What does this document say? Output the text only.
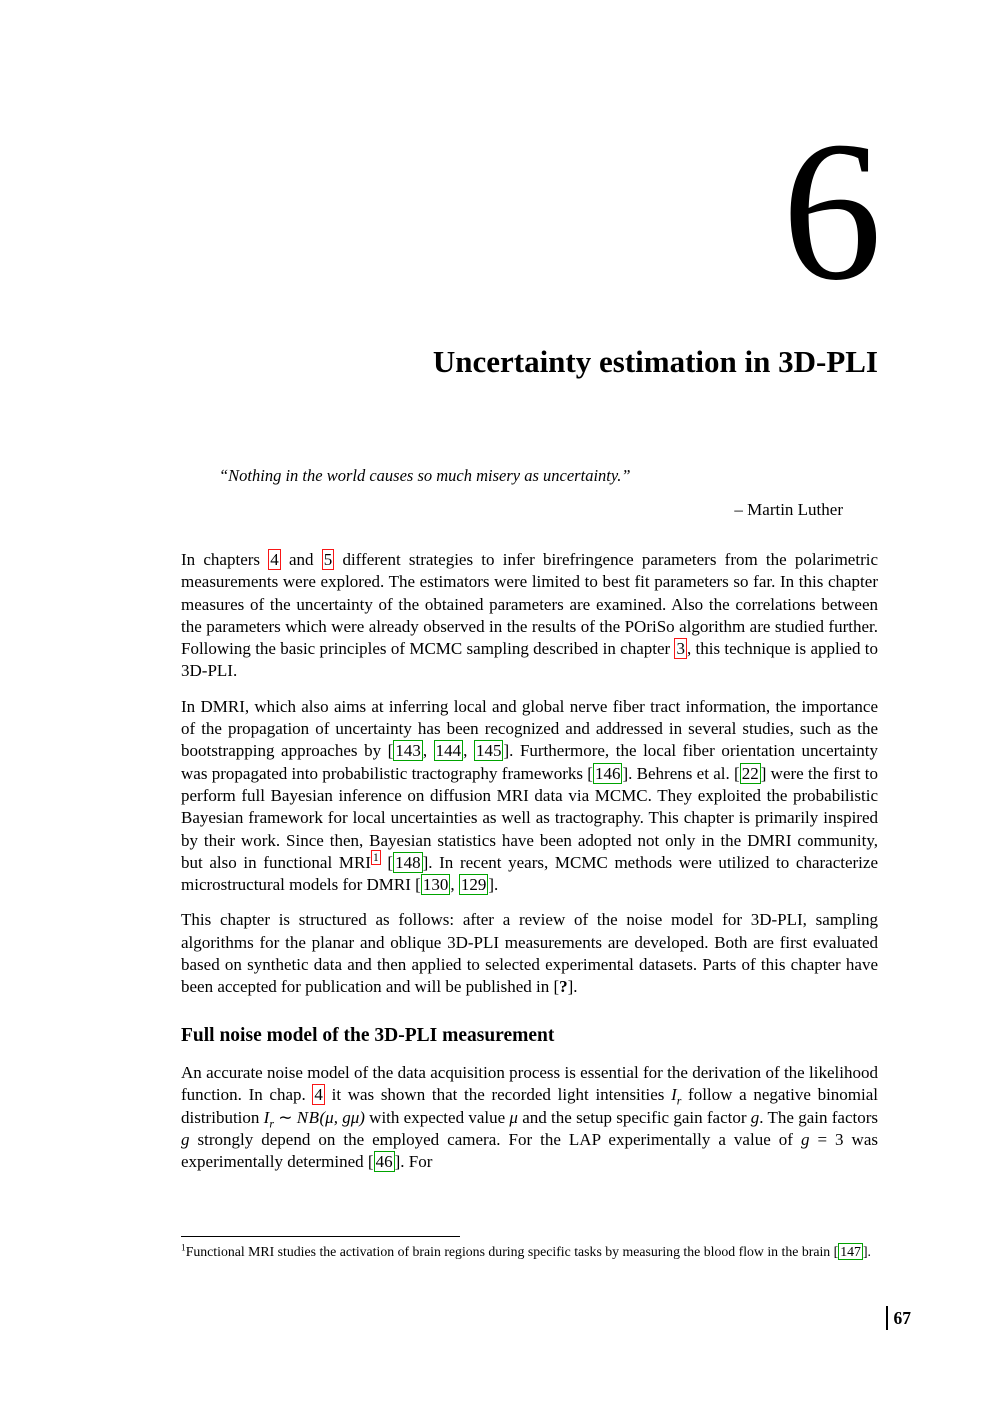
6
Uncertainty estimation in 3D-PLI
“Nothing in the world causes so much misery as uncertainty.”
– Martin Luther

In chapters 4 and 5 different strategies to infer birefringence parameters from the polarimetric measurements were explored. The estimators were limited to best fit parameters so far. In this chapter measures of the uncertainty of the obtained parameters are examined. Also the correlations between the parameters which were already observed in the results of the POriSo algorithm are studied further. Following the basic principles of MCMC sampling described in chapter 3 , this technique is applied to 3D-PLI.

In DMRI, which also aims at inferring local and global nerve fiber tract information, the importance of the propagation of uncertainty has been recognized and addressed in several studies, such as the bootstrapping approaches by [ 143 , 144 , 145 ]. Furthermore, the local fiber orientation uncertainty was propagated into probabilistic tractography frameworks [ 146 ]. Behrens et al. [ 22 ] were the first to perform full Bayesian inference on diffusion MRI data via MCMC. They exploited the probabilistic Bayesian framework for local uncertainties as well as tractography. This chapter is primarily inspired by their work. Since then, Bayesian statistics have been adopted not only in the DMRI community, but also in functional MRI $^1$ [ 148 ]. In recent years, MCMC methods were utilized to characterize microstructural models for DMRI [ 130 , 129 ].

This chapter is structured as follows: after a review of the noise model for 3D-PLI, sampling algorithms for the planar and oblique 3D-PLI measurements are developed. Both are first evaluated based on synthetic data and then applied to selected experimental datasets. Parts of this chapter have been accepted for publication and will be published in [?].

Full noise model of the 3D-PLI measurement

An accurate noise model of the data acquisition process is essential for the derivation of the likelihood function. In chap. 4 it was shown that the recorded light intensities $I_r$ follow a negative binomial distribution $I_r$ ∼ NB(μ, gμ) with expected value μ and the setup specific gain factor g. The gain factors g strongly depend on the employed camera. For the LAP experimentally a value of g = 3 was experimentally determined [ 46 ]. For

$^1$Functional MRI studies the activation of brain regions during specific tasks by measuring the blood flow in the brain [ 147 ].
67
